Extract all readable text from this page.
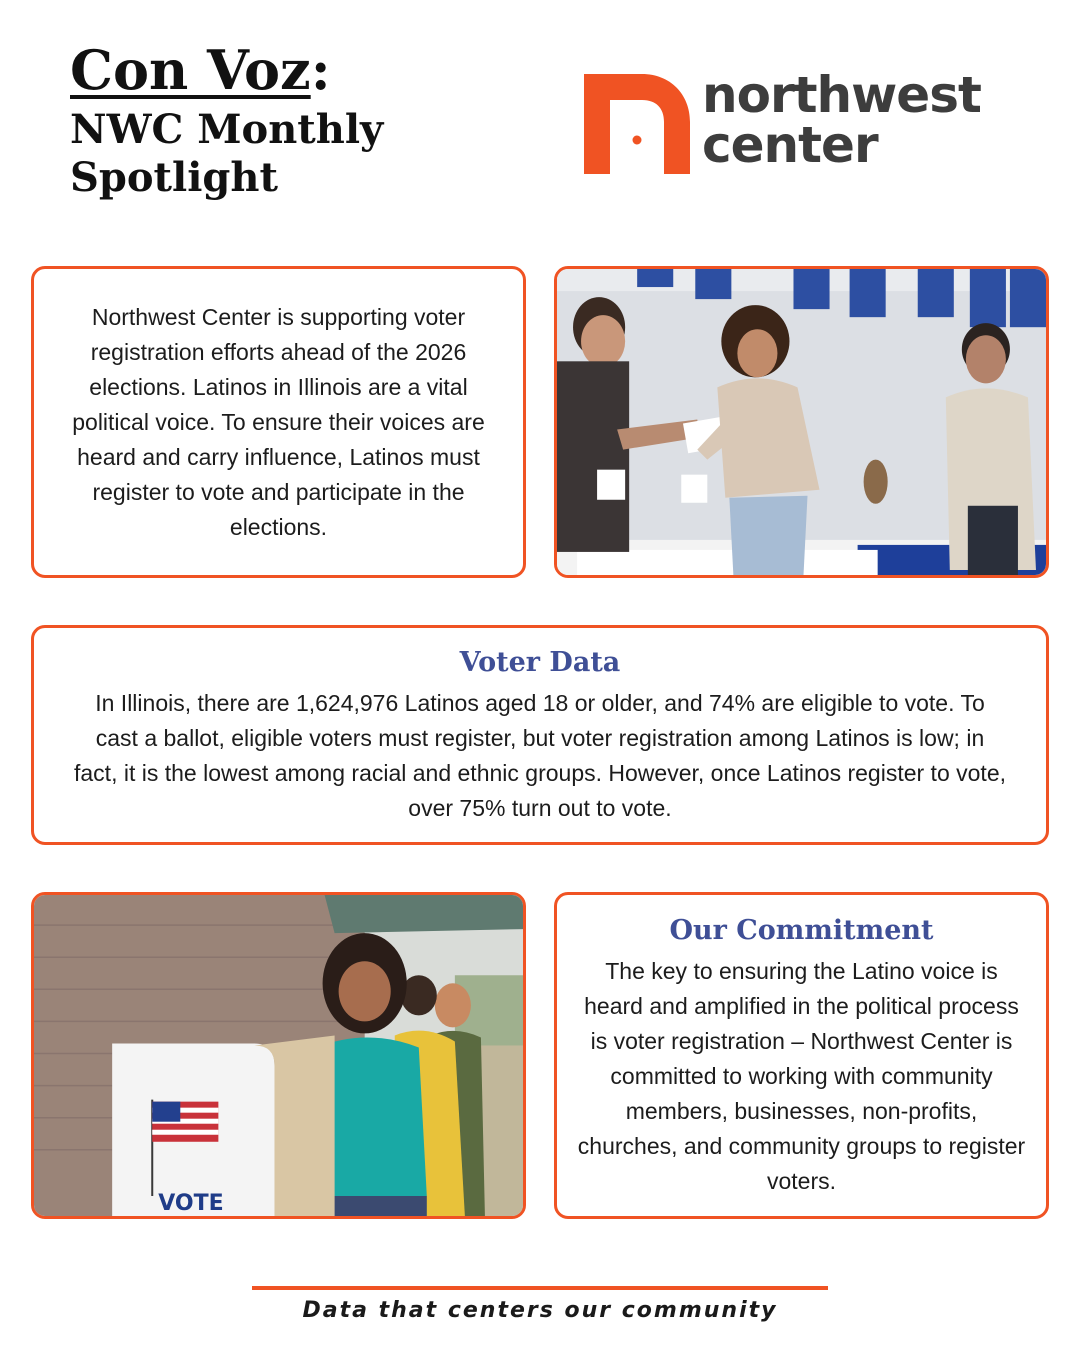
Con Voz:
NWC Monthly
Spotlight
northwest
center

Northwest Center is supporting voter registration efforts ahead of the 2026 elections. Latinos in Illinois are a vital political voice. To ensure their voices are heard and carry influence, Latinos must register to vote and participate in the elections.

Voter Data

In Illinois, there are 1,624,976 Latinos aged 18 or older, and 74% are eligible to vote. To cast a ballot, eligible voters must register, but voter registration among Latinos is low; in fact, it is the lowest among racial and ethnic groups. However, once Latinos register to vote, over 75% turn out to vote.

VOTE
Our Commitment

The key to ensuring the Latino voice is heard and amplified in the political process is voter registration – Northwest Center is committed to working with community members, businesses, non-profits, churches, and community groups to register voters.

Data that centers our community
